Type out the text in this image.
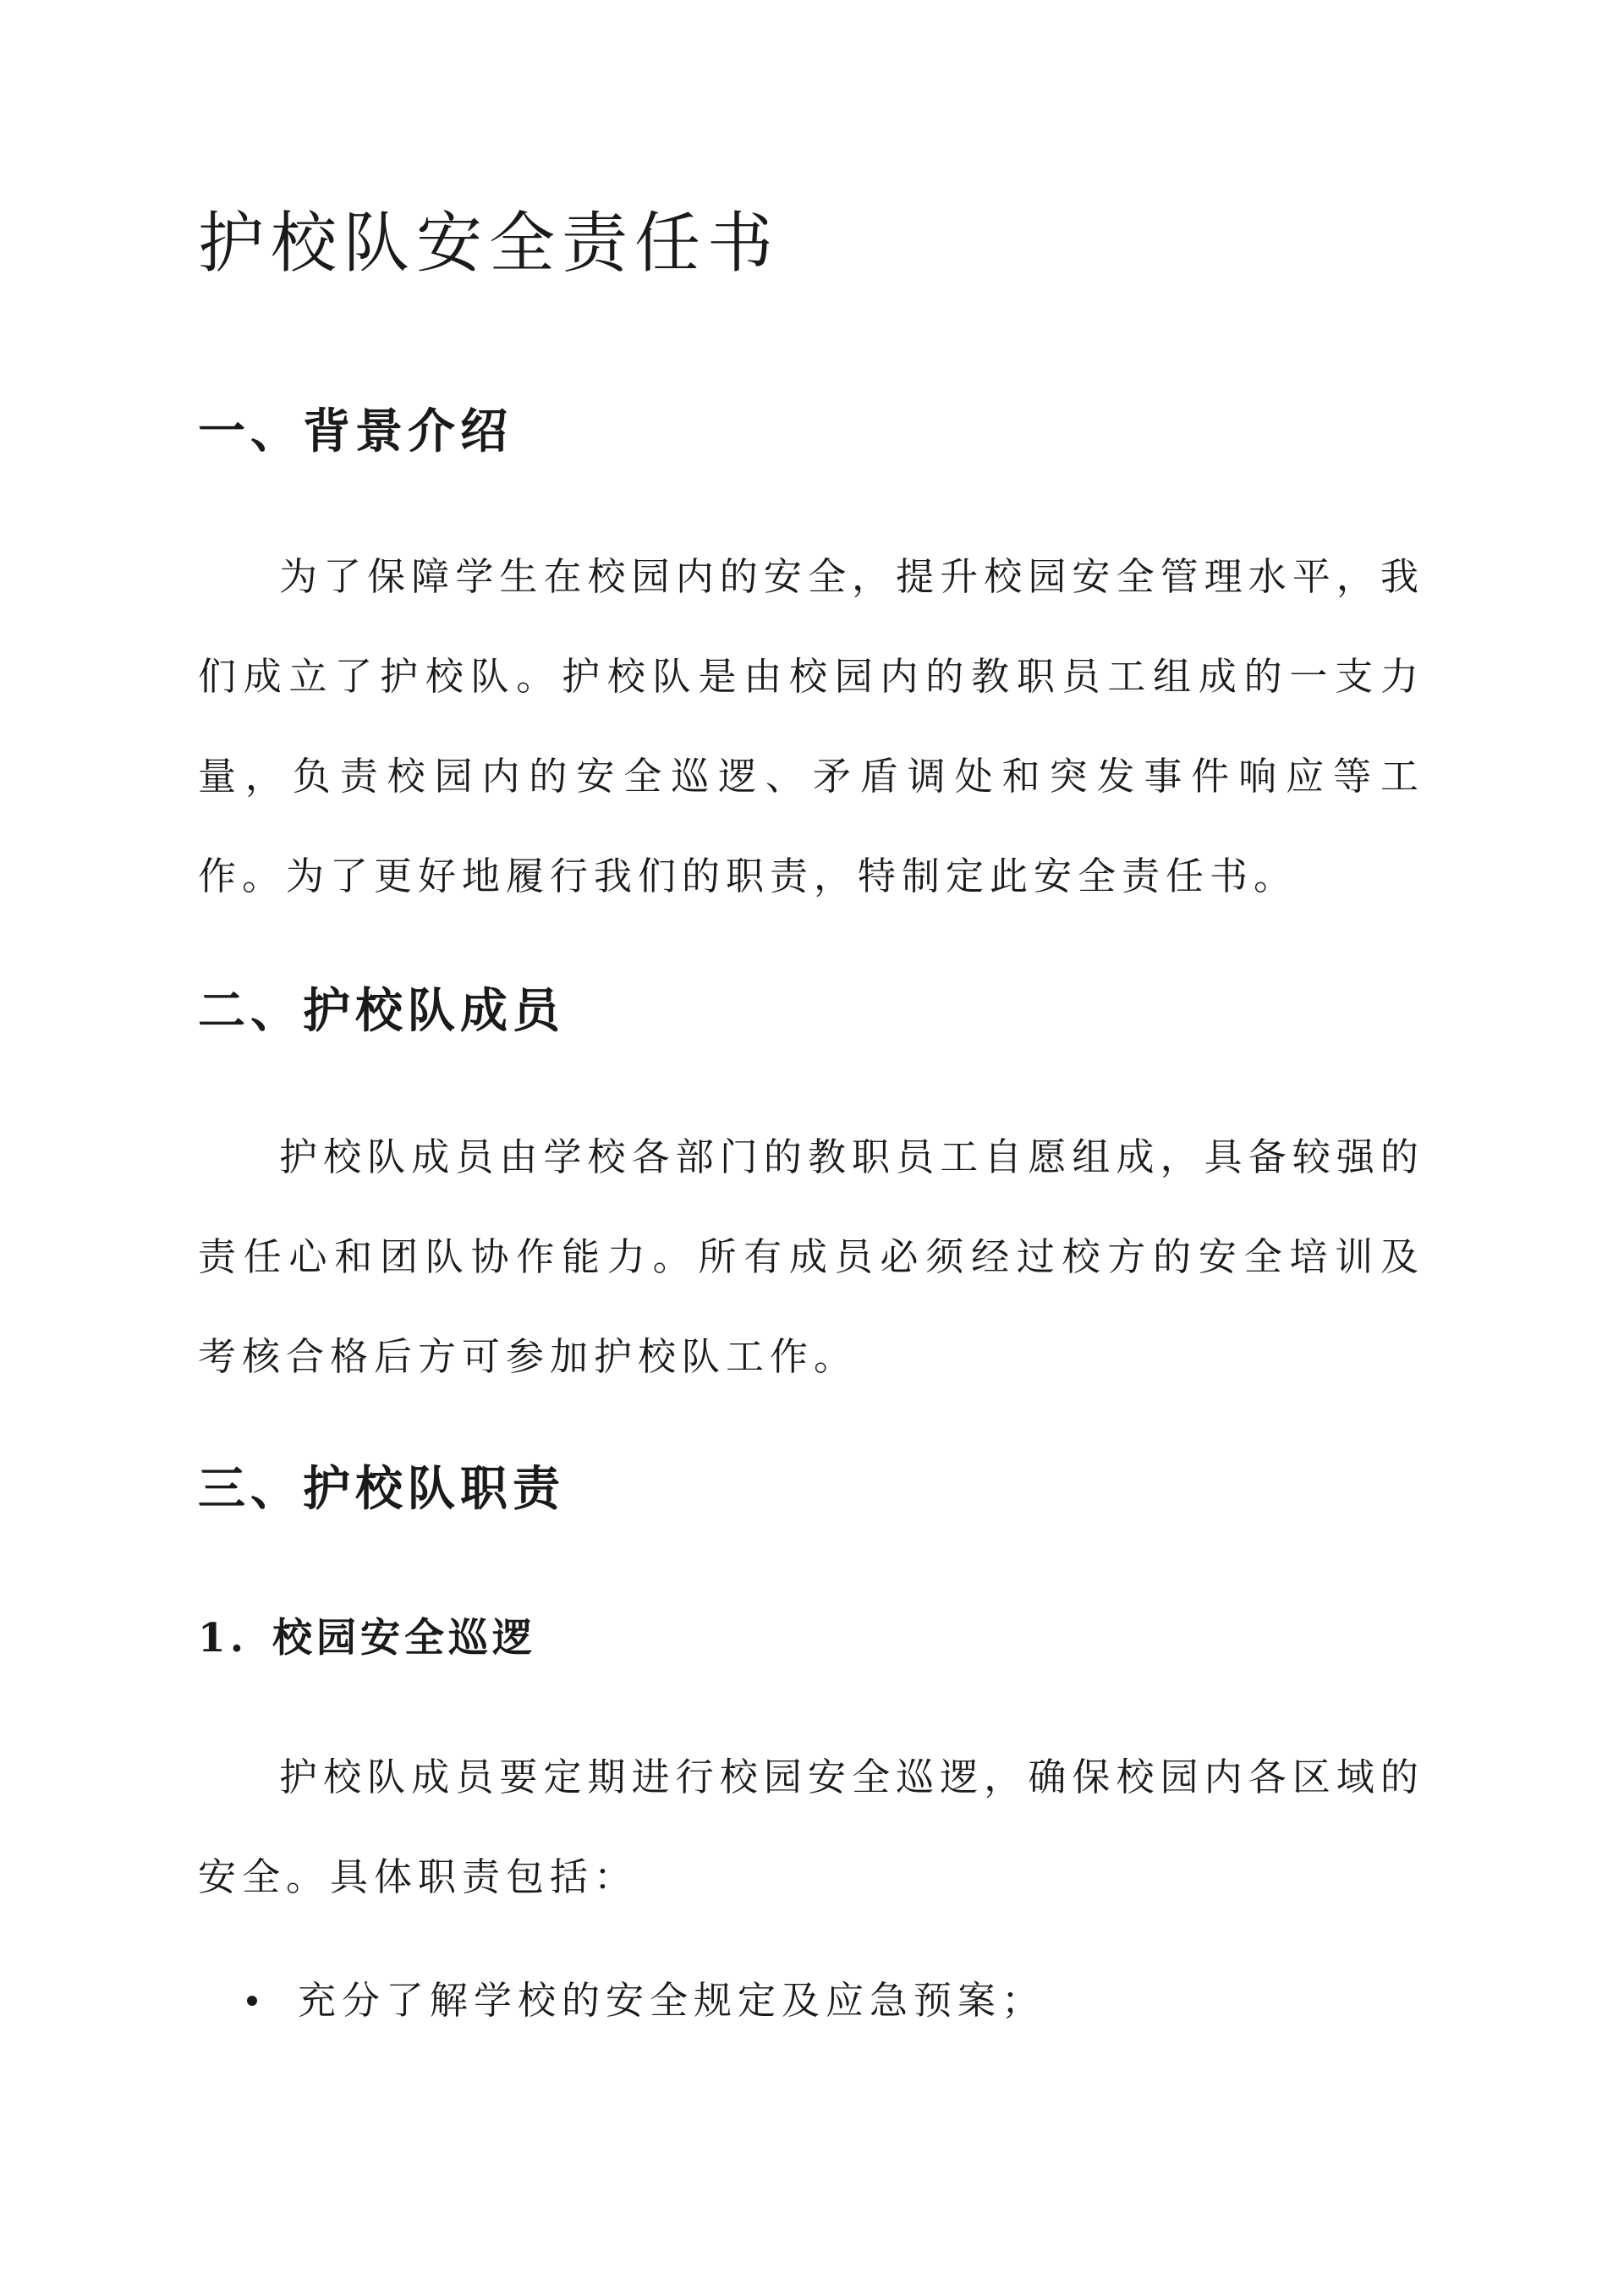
护校队安全责任书
一、背景介绍

为了保障学生在校园内的安全，提升校园安全管理水平，我们成立了护校队。护校队是由校园内的教职员工组成的一支力量，负责校园内的安全巡逻、矛盾调处和突发事件响应等工作。为了更好地履行我们的职责，特制定此安全责任书。

二、护校队成员

护校队成员由学校各部门的教职员工自愿组成，具备较强的责任心和团队协作能力。所有成员必须经过校方的安全培训及考核合格后方可参加护校队工作。

三、护校队职责
1. 校园安全巡逻

护校队成员要定期进行校园安全巡逻，确保校园内各区域的安全。具体职责包括：

充分了解学校的安全规定及应急预案；
